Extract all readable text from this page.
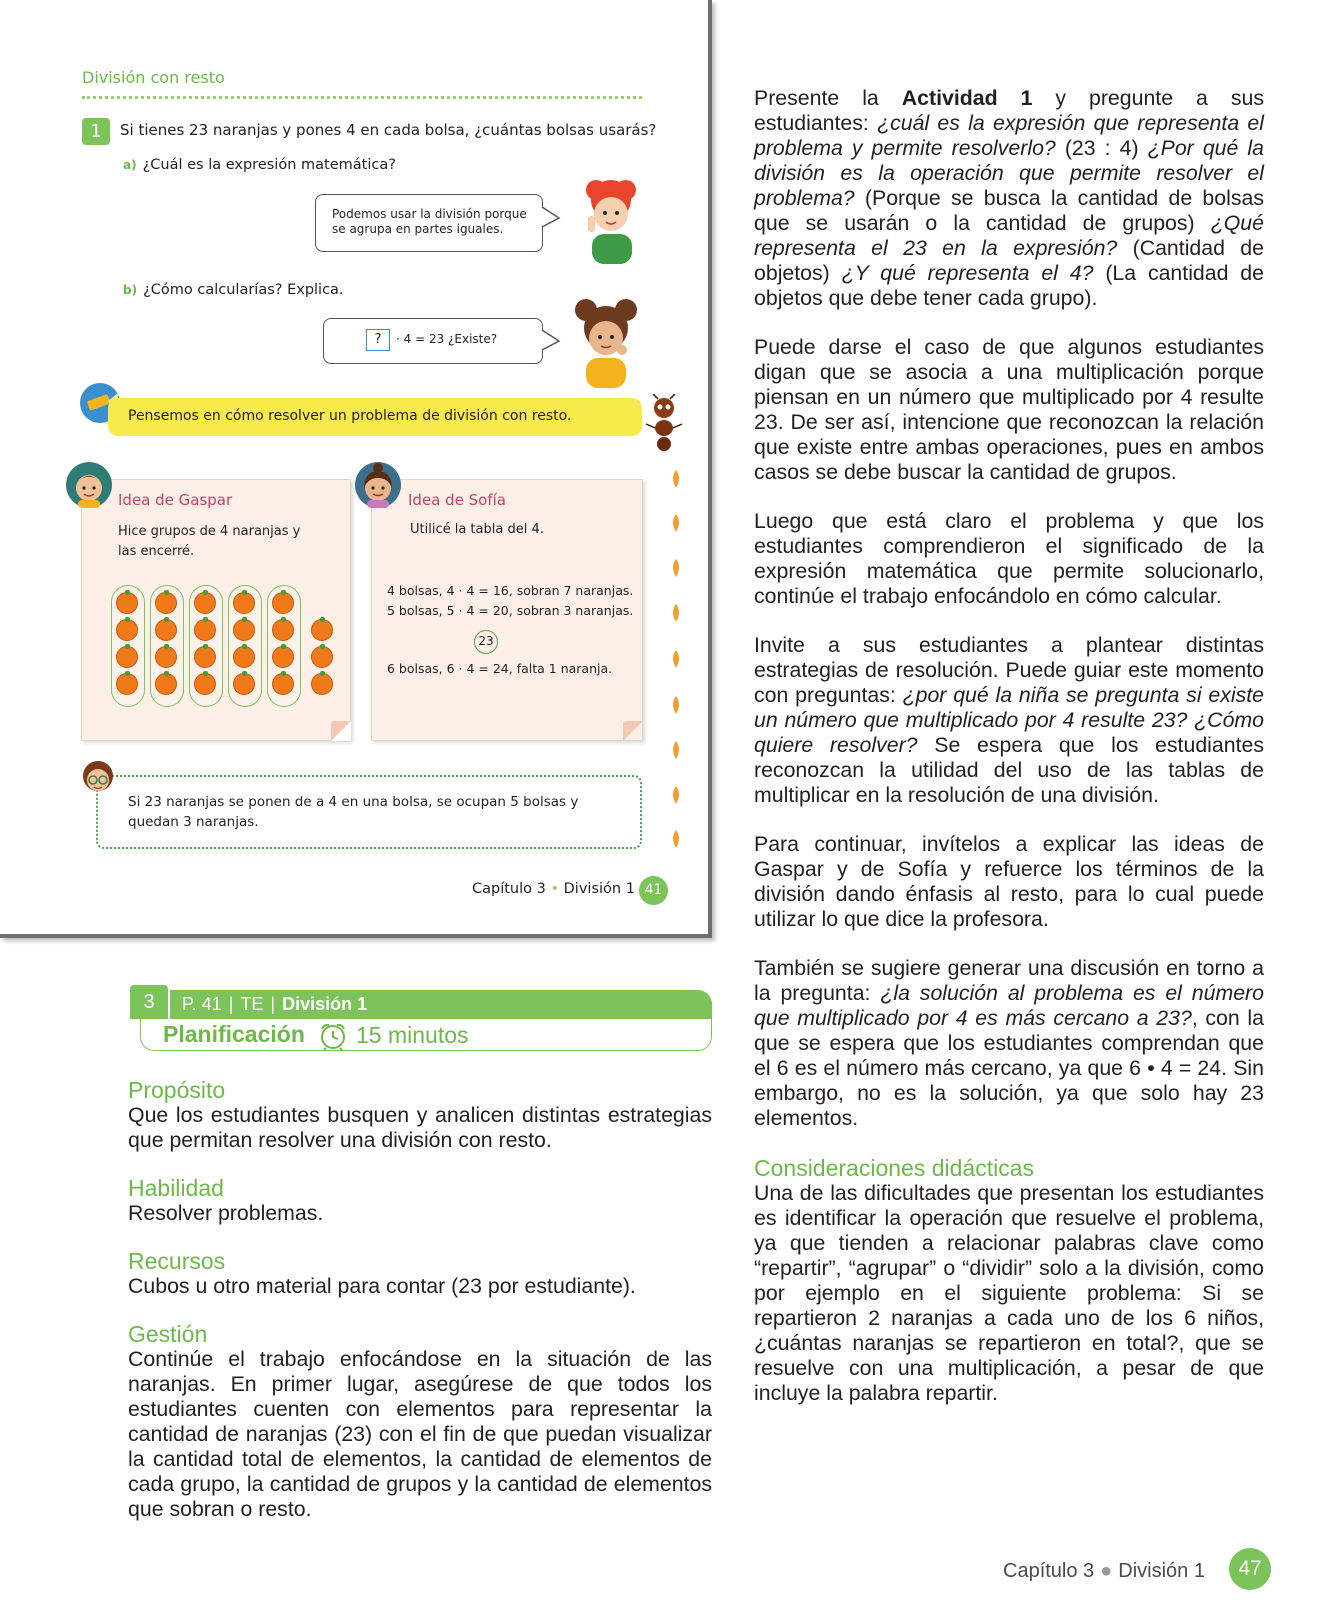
División con resto
1	Si tienes 23 naranjas y pones 4 en cada bolsa, ¿cuántas bolsas usarás?
a) ¿Cuál es la expresión matemática?
Podemos usar la división porque se agrupa en partes iguales.
b) ¿Cómo calcularías? Explica.
?	· 4 = 23 ¿Existe?
Pensemos en cómo resolver un problema de división con resto.
Idea de Gaspar
Hice grupos de 4 naranjas y las encerré.
Idea de Sofía
Utilicé la tabla del 4.
4 bolsas, 4 · 4 = 16, sobran 7 naranjas.
5 bolsas, 5 · 4 = 20, sobran 3 naranjas.
23
6 bolsas, 6 · 4 = 24, falta 1 naranja.
Si 23 naranjas se ponen de a 4 en una bolsa, se ocupan 5 bolsas y quedan 3 naranjas.
Capítulo 3 • División 1 41
3	P. 41 | TE | División 1
Planificación 15 minutos
Propósito
Que los estudiantes busquen y analicen distintas estrategias que permitan resolver una división con resto.
Habilidad
Resolver problemas.
Recursos
Cubos u otro material para contar (23 por estudiante).
Gestión
Continúe el trabajo enfocándose en la situación de las naranjas. En primer lugar, asegúrese de que todos los estudiantes cuenten con elementos para representar la cantidad de naranjas (23) con el fin de que puedan visualizar la cantidad total de elementos, la cantidad de elementos de cada grupo, la cantidad de grupos y la cantidad de elementos que sobran o resto.

Presente la Actividad 1 y pregunte a sus estudiantes: ¿cuál es la expresión que representa el problema y permite resolverlo? (23 : 4) ¿Por qué la división es la operación que permite resolver el problema? (Porque se busca la cantidad de bolsas que se usarán o la cantidad de grupos) ¿Qué representa el 23 en la expresión? (Cantidad de objetos) ¿Y qué representa el 4? (La cantidad de objetos que debe tener cada grupo).

Puede darse el caso de que algunos estudiantes digan que se asocia a una multiplicación porque piensan en un número que multiplicado por 4 resulte 23. De ser así, intencione que reconozcan la relación que existe entre ambas operaciones, pues en ambos casos se debe buscar la cantidad de grupos.

Luego que está claro el problema y que los estudiantes comprendieron el significado de la expresión matemática que permite solucionarlo, continúe el trabajo enfocándolo en cómo calcular.

Invite a sus estudiantes a plantear distintas estrategias de resolución. Puede guiar este momento con preguntas: ¿por qué la niña se pregunta si existe un número que multiplicado por 4 resulte 23? ¿Cómo quiere resolver? Se espera que los estudiantes reconozcan la utilidad del uso de las tablas de multiplicar en la resolución de una división.

Para continuar, invítelos a explicar las ideas de Gaspar y de Sofía y refuerce los términos de la división dando énfasis al resto, para lo cual puede utilizar lo que dice la profesora.

También se sugiere generar una discusión en torno a la pregunta: ¿la solución al problema es el número que multiplicado por 4 es más cercano a 23?, con la que se espera que los estudiantes comprendan que el 6 es el número más cercano, ya que 6 • 4 = 24. Sin embargo, no es la solución, ya que solo hay 23 elementos.

Consideraciones didácticas
Una de las dificultades que presentan los estudiantes es identificar la operación que resuelve el problema, ya que tienden a relacionar palabras clave como “repartir”, “agrupar” o “dividir” solo a la división, como por ejemplo en el siguiente problema: Si se repartieron 2 naranjas a cada uno de los 6 niños, ¿cuántas naranjas se repartieron en total?, que se resuelve con una multiplicación, a pesar de que incluye la palabra repartir.
Capítulo 3 ● División 1	47
